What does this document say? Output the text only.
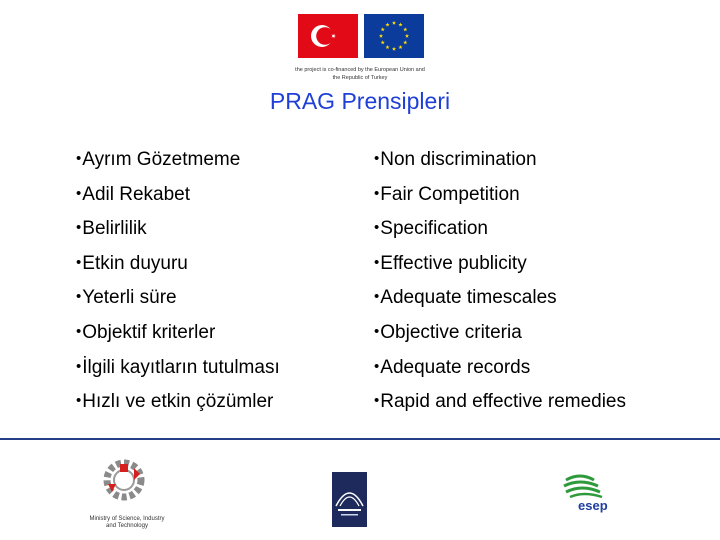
the project is co-financed by the European Union and
the Republic of Turkey
PRAG Prensipleri
•Ayrım Gözetmeme
•Adil Rekabet
•Belirlilik
•Etkin duyuru
•Yeterli süre
•Objektif kriterler
•İlgili kayıtların tutulması
•Hızlı ve etkin çözümler
•Non discrimination
•Fair Competition
•Specification
•Effective publicity
•Adequate timescales
•Objective criteria
•Adequate records
•Rapid and effective remedies
Ministry of Science, Industry
and Technology
esep
